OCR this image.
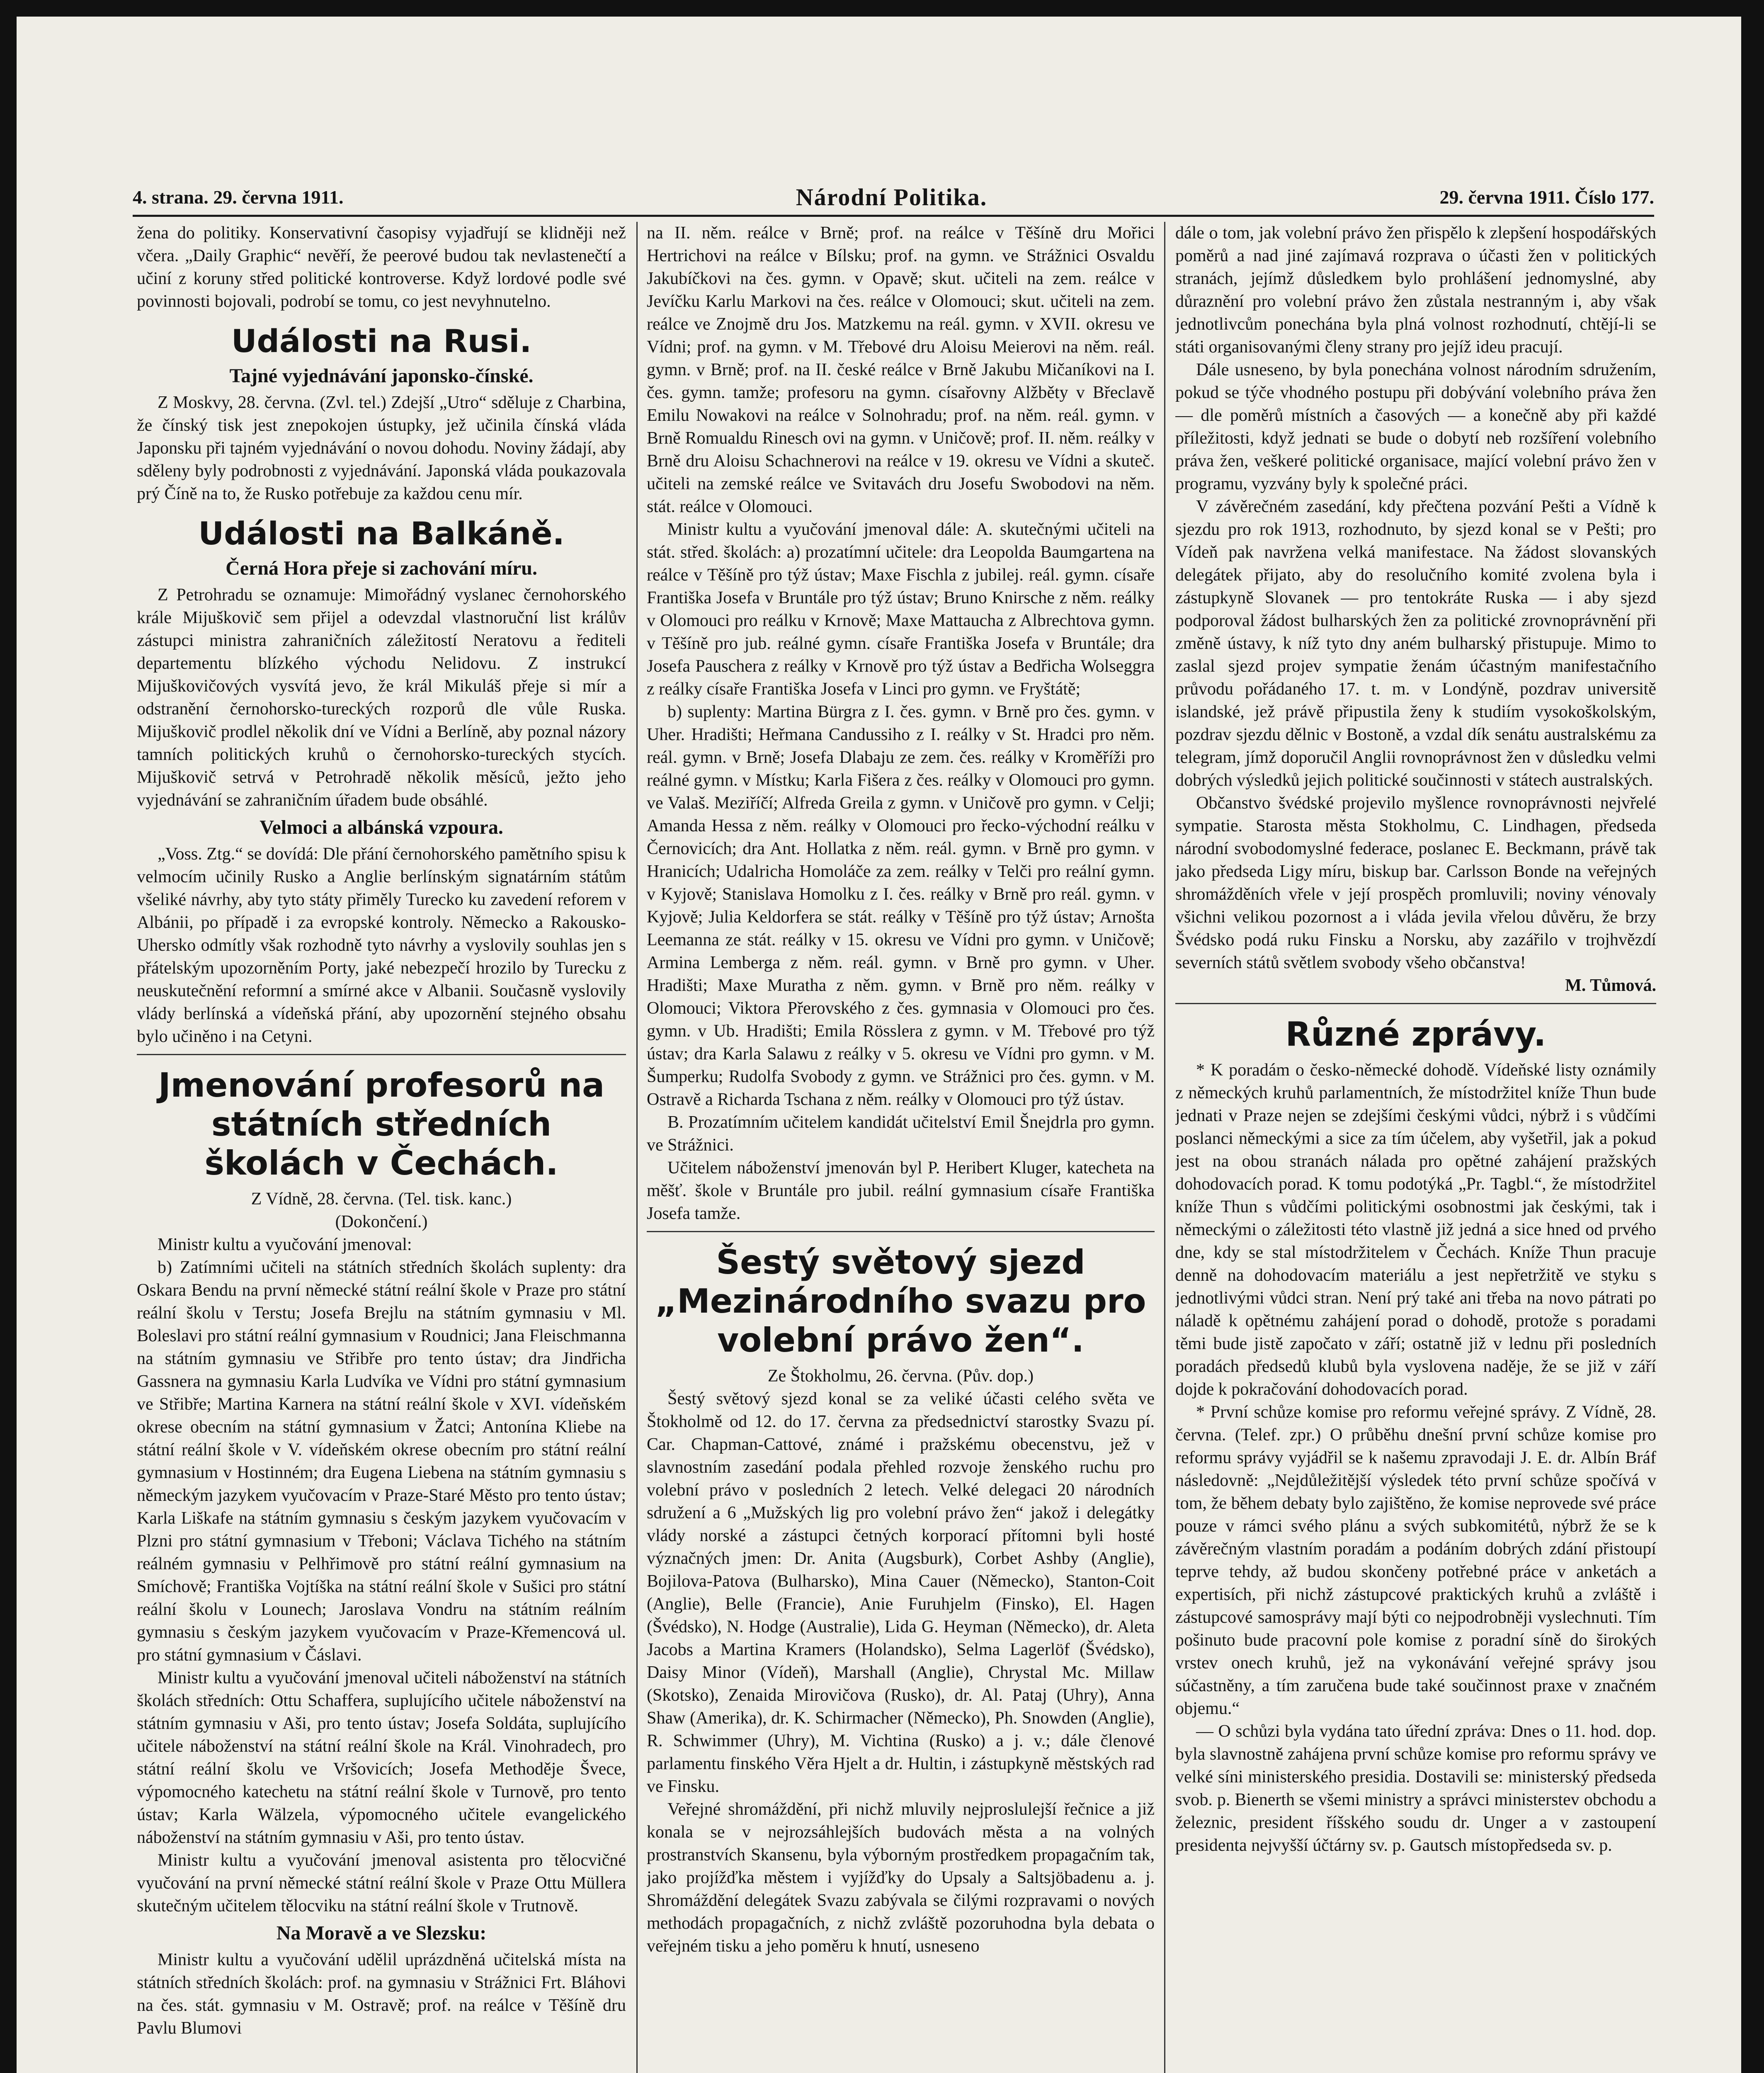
4. strana. 29. června 1911.	Národní Politika.	29. června 1911. Číslo 177.

žena do politiky. Konservativní časopisy vyjadřují se klidněji než včera. „Daily Graphic“ nevěří, že peerové budou tak nevlastenečtí a učiní z koruny střed politické kontroverse. Když lordové podle své povinnosti bojovali, podrobí se tomu, co jest nevyhnutelno.

Události na Rusi.
Tajné vyjednávání japonsko-čínské.

Z Moskvy, 28. června. (Zvl. tel.) Zdejší „Utro“ sděluje z Charbina, že čínský tisk jest znepokojen ústupky, jež učinila čínská vláda Japonsku při tajném vyjednávání o novou dohodu. Noviny žádají, aby sděleny byly podrobnosti z vyjednávání. Japonská vláda poukazovala prý Číně na to, že Rusko potřebuje za každou cenu mír.

Události na Balkáně.
Černá Hora přeje si zachování míru.

Z Petrohradu se oznamuje: Mimořádný vyslanec černohorského krále Mijuškovič sem přijel a odevzdal vlastnoruční list králův zástupci ministra zahraničních záležitostí Neratovu a řediteli departementu blízkého východu Nelidovu. Z instrukcí Mijuškovičových vysvítá jevo, že král Mikuláš přeje si mír a odstranění černohorsko-tureckých rozporů dle vůle Ruska. Mijuškovič prodlel několik dní ve Vídni a Berlíně, aby poznal názory tamních politických kruhů o černohorsko-tureckých stycích. Mijuškovič setrvá v Petrohradě několik měsíců, ježto jeho vyjednávání se zahraničním úřadem bude obsáhlé.

Velmoci a albánská vzpoura.

„Voss. Ztg.“ se dovídá: Dle přání černohorského pamětního spisu k velmocím učinily Rusko a Anglie berlínským signatárním státům všeliké návrhy, aby tyto státy přiměly Turecko ku zavedení reforem v Albánii, po případě i za evropské kontroly. Německo a Rakousko-Uhersko odmítly však rozhodně tyto návrhy a vyslovily souhlas jen s přátelským upozorněním Porty, jaké nebezpečí hrozilo by Turecku z neuskutečnění reformní a smírné akce v Albanii. Současně vyslovily vlády berlínská a vídeňská přání, aby upozornění stejného obsahu bylo učiněno i na Cetyni.

Jmenování profesorů na státních středních školách v Čechách.

Z Vídně, 28. června. (Tel. tisk. kanc.)

(Dokončení.)

Ministr kultu a vyučování jmenoval:

b) Zatímními učiteli na státních středních školách suplenty: dra Oskara Bendu na první německé státní reální škole v Praze pro státní reální školu v Terstu; Josefa Brejlu na státním gymnasiu v Ml. Boleslavi pro státní reální gymnasium v Roudnici; Jana Fleischmanna na státním gymnasiu ve Střibře pro tento ústav; dra Jindřicha Gassnera na gymnasiu Karla Ludvíka ve Vídni pro státní gymnasium ve Střibře; Martina Karnera na státní reální škole v XVI. vídeňském okrese obecním na státní gymnasium v Žatci; Antonína Kliebe na státní reální škole v V. vídeňském okrese obecním pro státní reální gymnasium v Hostinném; dra Eugena Liebena na státním gymnasiu s německým jazykem vyučovacím v Praze-Staré Město pro tento ústav; Karla Liškafe na státním gymnasiu s českým jazykem vyučovacím v Plzni pro státní gymnasium v Třeboni; Václava Tichého na státním reálném gymnasiu v Pelhřimově pro státní reální gymnasium na Smíchově; Františka Vojtíška na státní reální škole v Sušici pro státní reální školu v Lounech; Jaroslava Vondru na státním reálním gymnasiu s českým jazykem vyučovacím v Praze-Křemencová ul. pro státní gymnasium v Čáslavi.

Ministr kultu a vyučování jmenoval učiteli náboženství na státních školách středních: Ottu Schaffera, suplujícího učitele náboženství na státním gymnasiu v Aši, pro tento ústav; Josefa Soldáta, suplujícího učitele náboženství na státní reální škole na Král. Vinohradech, pro státní reální školu ve Vršovicích; Josefa Methoděje Švece, výpomocného katechetu na státní reální škole v Turnově, pro tento ústav; Karla Wälzela, výpomocného učitele evangelického náboženství na státním gymnasiu v Aši, pro tento ústav.

Ministr kultu a vyučování jmenoval asistenta pro tělocvičné vyučování na první německé státní reální škole v Praze Ottu Müllera skutečným učitelem tělocviku na státní reální škole v Trutnově.

Na Moravě a ve Slezsku:

Ministr kultu a vyučování udělil uprázdněná učitelská místa na státních středních školách: prof. na gymnasiu v Strážnici Frt. Bláhovi na čes. stát. gymnasiu v M. Ostravě; prof. na reálce v Těšíně dru Pavlu Blumovi

na II. něm. reálce v Brně; prof. na reálce v Těšíně dru Mořici Hertrichovi na reálce v Bílsku; prof. na gymn. ve Strážnici Osvaldu Jakubíčkovi na čes. gymn. v Opavě; skut. učiteli na zem. reálce v Jevíčku Karlu Markovi na čes. reálce v Olomouci; skut. učiteli na zem. reálce ve Znojmě dru Jos. Matzkemu na reál. gymn. v XVII. okresu ve Vídni; prof. na gymn. v M. Třebové dru Aloisu Meierovi na něm. reál. gymn. v Brně; prof. na II. české reálce v Brně Jakubu Mičaníkovi na I. čes. gymn. tamže; profesoru na gymn. císařovny Alžběty v Břeclavě Emilu Nowakovi na reálce v Solnohradu; prof. na něm. reál. gymn. v Brně Romualdu Rinesch ovi na gymn. v Uničově; prof. II. něm. reálky v Brně dru Aloisu Schachnerovi na reálce v 19. okresu ve Vídni a skuteč. učiteli na zemské reálce ve Svitavách dru Josefu Swobodovi na něm. stát. reálce v Olomouci.

Ministr kultu a vyučování jmenoval dále: A. skutečnými učiteli na stát. střed. školách: a) prozatímní učitele: dra Leopolda Baumgartena na reálce v Těšíně pro týž ústav; Maxe Fischla z jubilej. reál. gymn. císaře Františka Josefa v Bruntále pro týž ústav; Bruno Knirsche z něm. reálky v Olomouci pro reálku v Krnově; Maxe Mattaucha z Albrechtova gymn. v Těšíně pro jub. reálné gymn. císaře Františka Josefa v Bruntále; dra Josefa Pauschera z reálky v Krnově pro týž ústav a Bedřicha Wolseggra z reálky císaře Františka Josefa v Linci pro gymn. ve Fryštátě;

b) suplenty: Martina Bürgra z I. čes. gymn. v Brně pro čes. gymn. v Uher. Hradišti; Heřmana Candussiho z I. reálky v St. Hradci pro něm. reál. gymn. v Brně; Josefa Dlabaju ze zem. čes. reálky v Kroměříži pro reálné gymn. v Místku; Karla Fišera z čes. reálky v Olomouci pro gymn. ve Valaš. Meziříčí; Alfreda Greila z gymn. v Uničově pro gymn. v Celji; Amanda Hessa z něm. reálky v Olomouci pro řecko-východní reálku v Černovicích; dra Ant. Hollatka z něm. reál. gymn. v Brně pro gymn. v Hranicích; Udalricha Homoláče za zem. reálky v Telči pro reální gymn. v Kyjově; Stanislava Homolku z I. čes. reálky v Brně pro reál. gymn. v Kyjově; Julia Keldorfera se stát. reálky v Těšíně pro týž ústav; Arnošta Leemanna ze stát. reálky v 15. okresu ve Vídni pro gymn. v Uničově; Armina Lemberga z něm. reál. gymn. v Brně pro gymn. v Uher. Hradišti; Maxe Muratha z něm. gymn. v Brně pro něm. reálky v Olomouci; Viktora Přerovského z čes. gymnasia v Olomouci pro čes. gymn. v Ub. Hradišti; Emila Rösslera z gymn. v M. Třebové pro týž ústav; dra Karla Salawu z reálky v 5. okresu ve Vídni pro gymn. v M. Šumperku; Rudolfa Svobody z gymn. ve Strážnici pro čes. gymn. v M. Ostravě a Richarda Tschana z něm. reálky v Olomouci pro týž ústav.

B. Prozatímním učitelem kandidát učitelství Emil Šnejdrla pro gymn. ve Strážnici.

Učitelem náboženství jmenován byl P. Heribert Kluger, katecheta na měšť. škole v Bruntále pro jubil. reální gymnasium císaře Františka Josefa tamže.

Šestý světový sjezd „Mezinárodního svazu pro volební právo žen“.

Ze Štokholmu, 26. června. (Pův. dop.)

Šestý světový sjezd konal se za veliké účasti celého světa ve Štokholmě od 12. do 17. června za předsednictví starostky Svazu pí. Car. Chapman-Cattové, známé i pražskému obecenstvu, jež v slavnostním zasedání podala přehled rozvoje ženského ruchu pro volební právo v posledních 2 letech. Velké delegaci 20 národních sdružení a 6 „Mužských lig pro volební právo žen“ jakož i delegátky vlády norské a zástupci četných korporací přítomni byli hosté význačných jmen: Dr. Anita (Augsburk), Corbet Ashby (Anglie), Bojilova-Patova (Bulharsko), Mina Cauer (Německo), Stanton-Coit (Anglie), Belle (Francie), Anie Furuhjelm (Finsko), El. Hagen (Švédsko), N. Hodge (Australie), Lida G. Heyman (Německo), dr. Aleta Jacobs a Martina Kramers (Holandsko), Selma Lagerlöf (Švédsko), Daisy Minor (Vídeň), Marshall (Anglie), Chrystal Mc. Millaw (Skotsko), Zenaida Mirovičova (Rusko), dr. Al. Pataj (Uhry), Anna Shaw (Amerika), dr. K. Schirmacher (Německo), Ph. Snowden (Anglie), R. Schwimmer (Uhry), M. Vichtina (Rusko) a j. v.; dále členové parlamentu finského Věra Hjelt a dr. Hultin, i zástupkyně městských rad ve Finsku.

Veřejné shromáždění, při nichž mluvily nejproslulejší řečnice a již konala se v nejrozsáhlejších budovách města a na volných prostranstvích Skansenu, byla výborným prostředkem propagačním tak, jako projížďka městem i vyjížďky do Upsaly a Saltsjöbadenu a. j. Shromáždění delegátek Svazu zabývala se čilými rozpravami o nových methodách propagačních, z nichž zvláště pozoruhodna byla debata o veřejném tisku a jeho poměru k hnutí, usneseno

dále o tom, jak volební právo žen přispělo k zlepšení hospodářských poměrů a nad jiné zajímavá rozprava o účasti žen v politických stranách, jejímž důsledkem bylo prohlášení jednomyslné, aby důraznění pro volební právo žen zůstala nestranným i, aby však jednotlivcům ponechána byla plná volnost rozhodnutí, chtějí-li se státi organisovanými členy strany pro jejíž ideu pracují.

Dále usneseno, by byla ponechána volnost národním sdružením, pokud se týče vhodného postupu při dobývání volebního práva žen — dle poměrů místních a časových — a konečně aby při každé příležitosti, když jednati se bude o dobytí neb rozšíření volebního práva žen, veškeré politické organisace, mající volební právo žen v programu, vyzvány byly k společné práci.

V závěrečném zasedání, kdy přečtena pozvání Pešti a Vídně k sjezdu pro rok 1913, rozhodnuto, by sjezd konal se v Pešti; pro Vídeň pak navržena velká manifestace. Na žádost slovanských delegátek přijato, aby do resolučního komité zvolena byla i zástupkyně Slovanek — pro tentokráte Ruska — i aby sjezd podporoval žádost bulharských žen za politické zrovnoprávnění při změně ústavy, k níž tyto dny aném bulharský přistupuje. Mimo to zaslal sjezd projev sympatie ženám účastným manifestačního průvodu pořádaného 17. t. m. v Londýně, pozdrav universitě islandské, jež právě připustila ženy k studiím vysokoškolským, pozdrav sjezdu dělnic v Bostoně, a vzdal dík senátu australskému za telegram, jímž doporučil Anglii rovnoprávnost žen v důsledku velmi dobrých výsledků jejich politické součinnosti v státech australských.

Občanstvo švédské projevilo myšlence rovnoprávnosti nejvřelé sympatie. Starosta města Stokholmu, C. Lindhagen, předseda národní svobodomyslné federace, poslanec E. Beckmann, právě tak jako předseda Ligy míru, biskup bar. Carlsson Bonde na veřejných shromážděních vřele v její prospěch promluvili; noviny vénovaly všichni velikou pozornost a i vláda jevila vřelou důvěru, že brzy Švédsko podá ruku Finsku a Norsku, aby zazářilo v trojhvězdí severních států světlem svobody všeho občanstva!

M. Tůmová.

Různé zprávy.

* K poradám o česko-německé dohodě. Vídeňské listy oznámily z německých kruhů parlamentních, že místodržitel kníže Thun bude jednati v Praze nejen se zdejšími českými vůdci, nýbrž i s vůdčími poslanci německými a sice za tím účelem, aby vyšetřil, jak a pokud jest na obou stranách nálada pro opětné zahájení pražských dohodovacích porad. K tomu podotýká „Pr. Tagbl.“, že místodržitel kníže Thun s vůdčími politickými osobnostmi jak českými, tak i německými o záležitosti této vlastně již jedná a sice hned od prvého dne, kdy se stal místodržitelem v Čechách. Kníže Thun pracuje denně na dohodovacím materiálu a jest nepřetržitě ve styku s jednotlivými vůdci stran. Není prý také ani třeba na novo pátrati po náladě k opětnému zahájení porad o dohodě, protože s poradami těmi bude jistě započato v září; ostatně již v lednu při posledních poradách předsedů klubů byla vyslovena naděje, že se již v září dojde k pokračování dohodovacích porad.

* První schůze komise pro reformu veřejné správy. Z Vídně, 28. června. (Telef. zpr.) O průběhu dnešní první schůze komise pro reformu správy vyjádřil se k našemu zpravodaji J. E. dr. Albín Bráf následovně: „Nejdůležitější výsledek této první schůze spočívá v tom, že během debaty bylo zajištěno, že komise neprovede své práce pouze v rámci svého plánu a svých subkomitétů, nýbrž že se k závěrečným vlastním poradám a podáním dobrých zdání přistoupí teprve tehdy, až budou skončeny potřebné práce v anketách a expertisích, při nichž zástupcové praktických kruhů a zvláště i zástupcové samosprávy mají býti co nejpodrobněji vyslechnuti. Tím pošinuto bude pracovní pole komise z poradní síně do širokých vrstev onech kruhů, jež na vykonávání veřejné správy jsou súčastněny, a tím zaručena bude také součinnost praxe v značném objemu.“

— O schůzi byla vydána tato úřední zpráva: Dnes o 11. hod. dop. byla slavnostně zahájena první schůze komise pro reformu správy ve velké síni ministerského presidia. Dostavili se: ministerský předseda svob. p. Bienerth se všemi ministry a správci ministerstev obchodu a železnic, president říšského soudu dr. Unger a v zastoupení presidenta nejvyšší účtárny sv. p. Gautsch místopředseda sv. p.
